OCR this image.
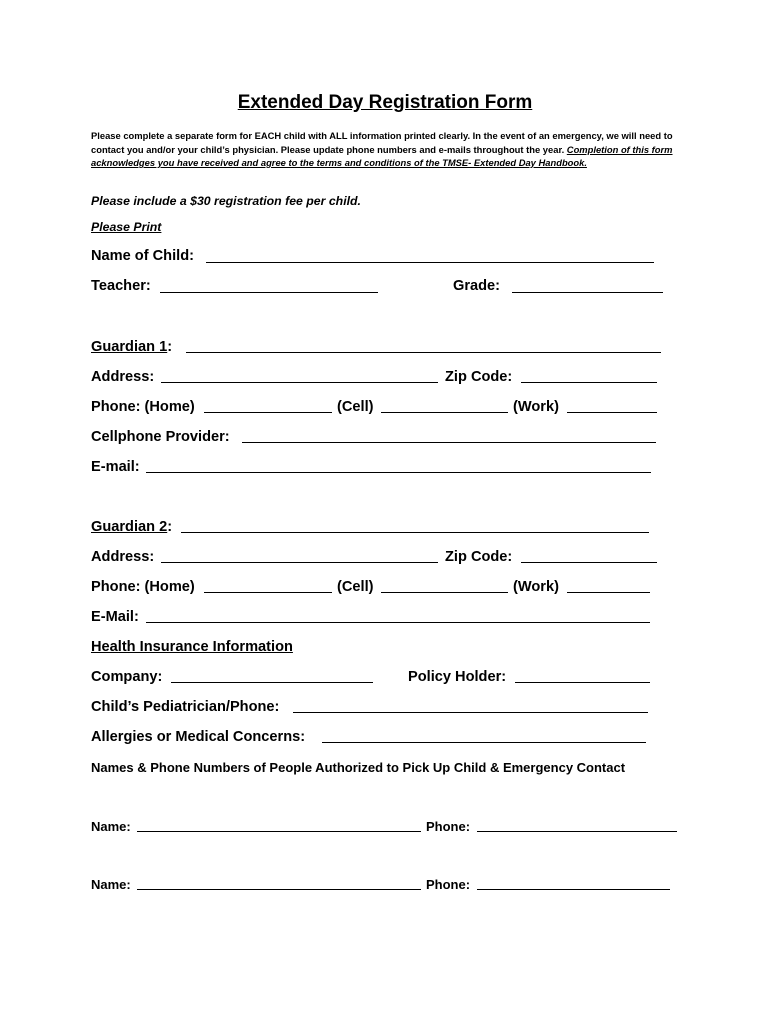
Extended Day Registration Form
Please complete a separate form for EACH child with ALL information printed clearly. In the event of an emergency, we will need to contact you and/or your child’s physician. Please update phone numbers and e-mails throughout the year. Completion of this form acknowledges you have received and agree to the terms and conditions of the TMSE- Extended Day Handbook.
Please include a $30 registration fee per child.
Please Print
Name of Child:
Teacher:	Grade:
Guardian 1:
Address:	Zip Code:
Phone: (Home)	(Cell)	(Work)
Cellphone Provider:
E-mail:
Guardian 2:
Address:	Zip Code:
Phone: (Home)	(Cell)	(Work)
E-Mail:
Health Insurance Information
Company:	Policy Holder:
Child’s Pediatrician/Phone:
Allergies or Medical Concerns:
Names & Phone Numbers of People Authorized to Pick Up Child & Emergency Contact
Name:	Phone:
Name:	Phone:
